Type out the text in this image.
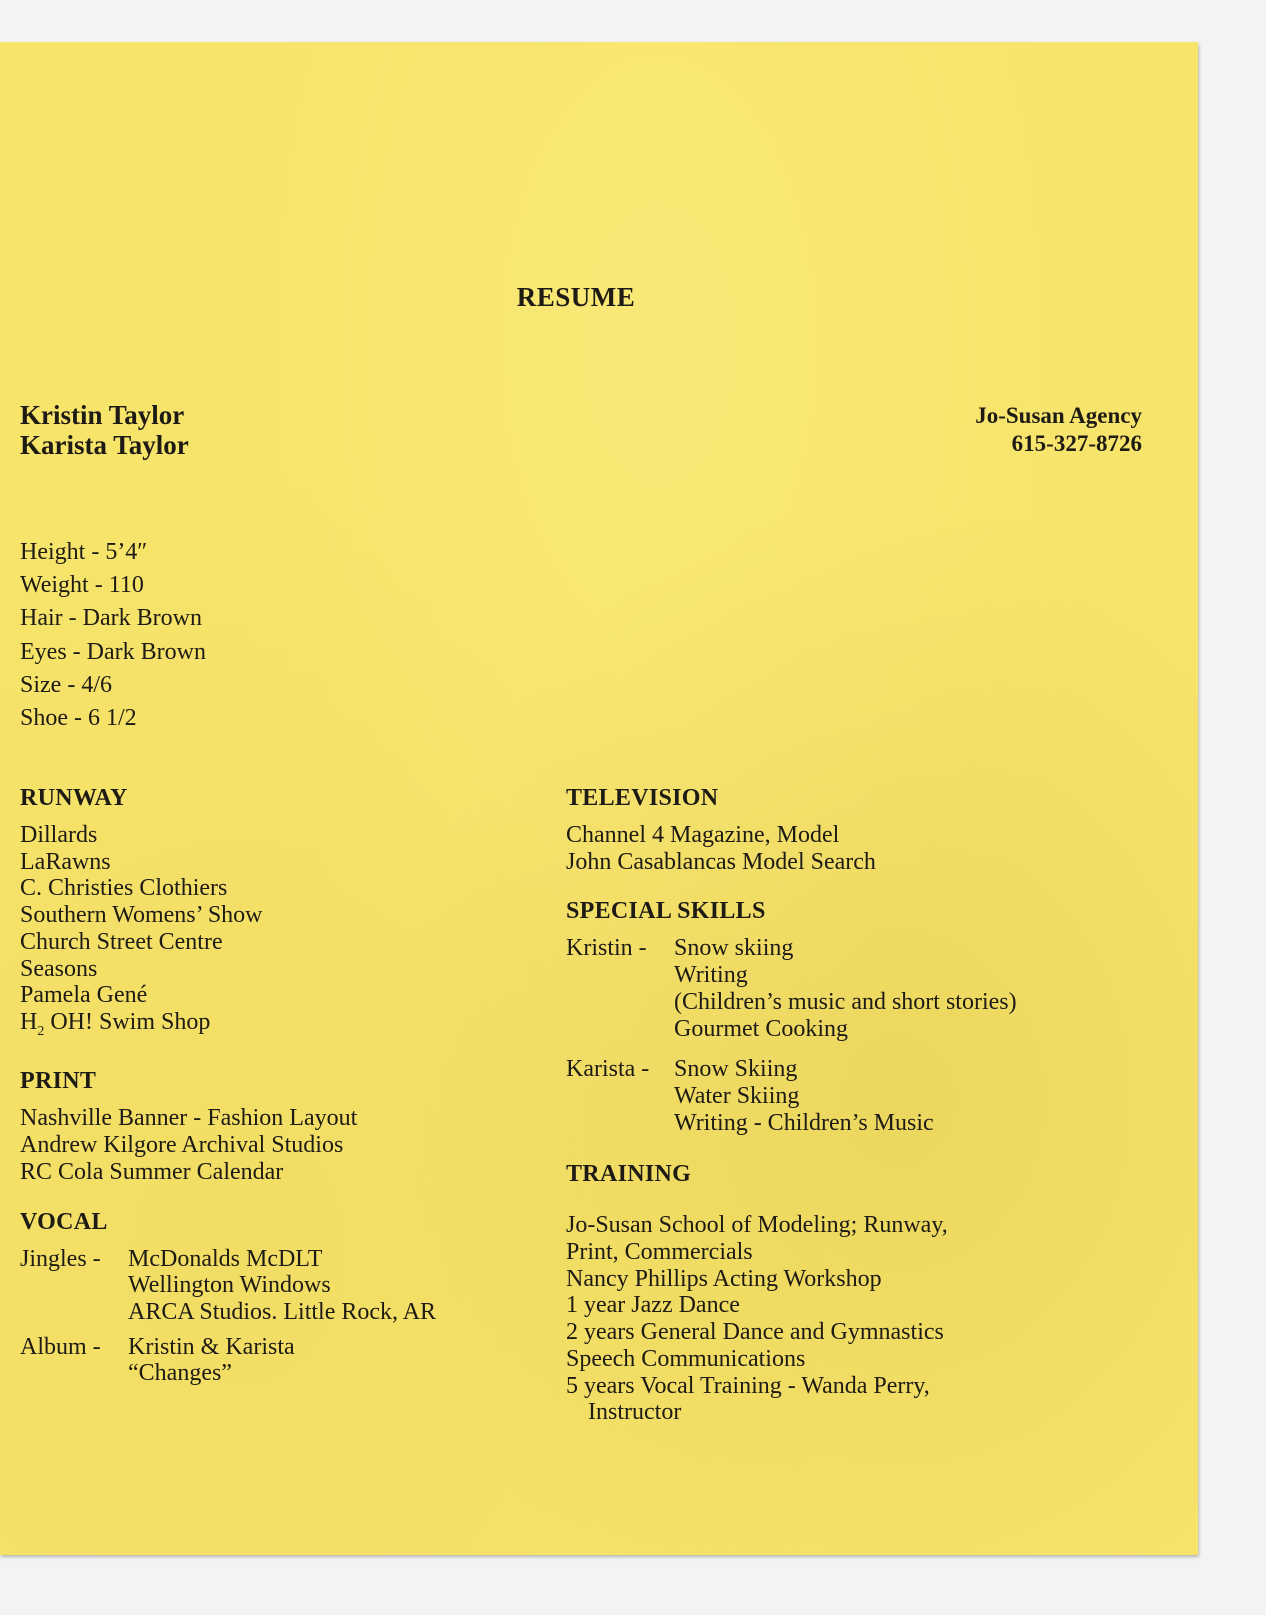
RESUME
Kristin Taylor
Karista Taylor
Jo-Susan Agency
615-327-8726
Height - 5’4″
Weight - 110
Hair - Dark Brown
Eyes - Dark Brown
Size - 4/6
Shoe - 6 1/2
RUNWAY
Dillards
LaRawns
C. Christies Clothiers
Southern Womens’ Show
Church Street Centre
Seasons
Pamela Gené
$H_2$ OH! Swim Shop
PRINT
Nashville Banner - Fashion Layout
Andrew Kilgore Archival Studios
RC Cola Summer Calendar
VOCAL
Jingles -	McDonalds McDLT
Wellington Windows
ARCA Studios. Little Rock, AR
Album -	Kristin & Karista
“Changes”
TELEVISION
Channel 4 Magazine, Model
John Casablancas Model Search
SPECIAL SKILLS
Kristin -	Snow skiing
Writing
(Children’s music and short stories)
Gourmet Cooking
Karista -	Snow Skiing
Water Skiing
Writing - Children’s Music
TRAINING
Jo-Susan School of Modeling; Runway,
Print, Commercials
Nancy Phillips Acting Workshop
1 year Jazz Dance
2 years General Dance and Gymnastics
Speech Communications
5 years Vocal Training - Wanda Perry,
Instructor
